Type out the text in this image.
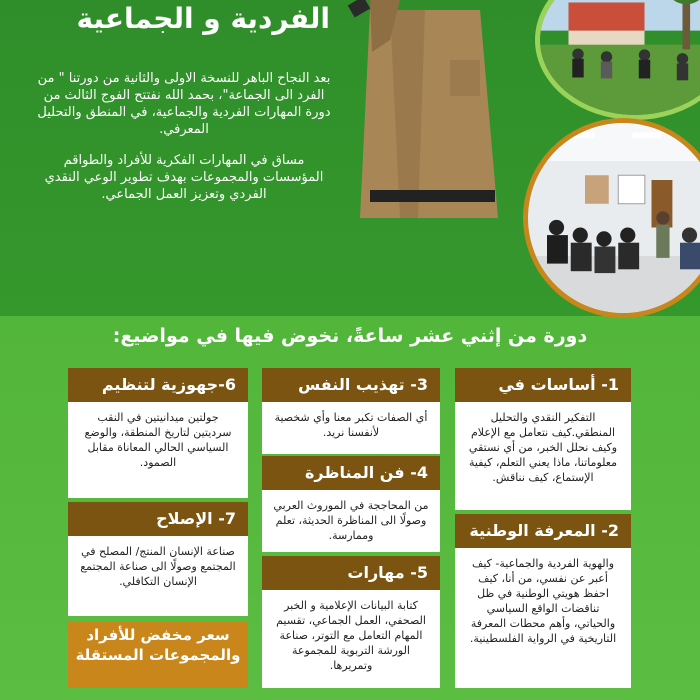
الفردية و الجماعية

بعد النجاح الباهر للنسخة الاولى والثانية من دورتنا " من الفرد الى الجماعة"، بحمد الله نفتتح الفوج الثالث من دورة المهارات الفردية والجماعية، في المنطق والتحليل المعرفي.

مساق في المهارات الفكرية للأفراد والطواقم المؤسسات والمجموعات بهدف تطوير الوعي النقدي الفردي وتعزيز العمل الجماعي.

دورة من إثني عشر ساعةً، نخوض فيها في مواضيع:
1- أساسات في
التفكير النقدي والتحليل المنطقي.كيف نتعامل مع الإعلام وكيف نحلل الخبر، من أي نستقي معلوماتنا، ماذا يعني التعلم، كيفية الإستماع، كيف نناقش.
2- المعرفة الوطنية
والهوية الفردية والجماعية- كيف أعبر عن نفسي، من أنا، كيف احفظ هويتي الوطنية في ظل تناقضات الواقع السياسي والحياتي، وأهم محطات المعرفة التاريخية في الرواية الفلسطينية.
3- تهذيب النفس
أي الصفات تكبر معنا وأي شخصية لأنفسنا نريد.
4- فن المناظرة
من المحاججة في الموروث العربي وصولًا الى المناظرة الحديثة، تعلم وممارسة.
5- مهارات
كتابة البيانات الإعلامية و الخبر الصحفي، العمل الجماعي، تقسيم المهام التعامل مع التوتر، صناعة الورشة التربوية للمجموعة وتمريرها.
6-جهوزية لتنظيم
جولتين ميدانيتين في النقب سرديتين لتاريخ المنطقة، والوضع السياسي الحالي المعاناة مقابل الصمود.
7- الإصلاح
صناعة الإنسان المنتج/ المصلح في المجتمع وصولًا الى صناعة المجتمع الإنسان التكافلي.
سعر مخفض للأفراد والمجموعات المستقلة
